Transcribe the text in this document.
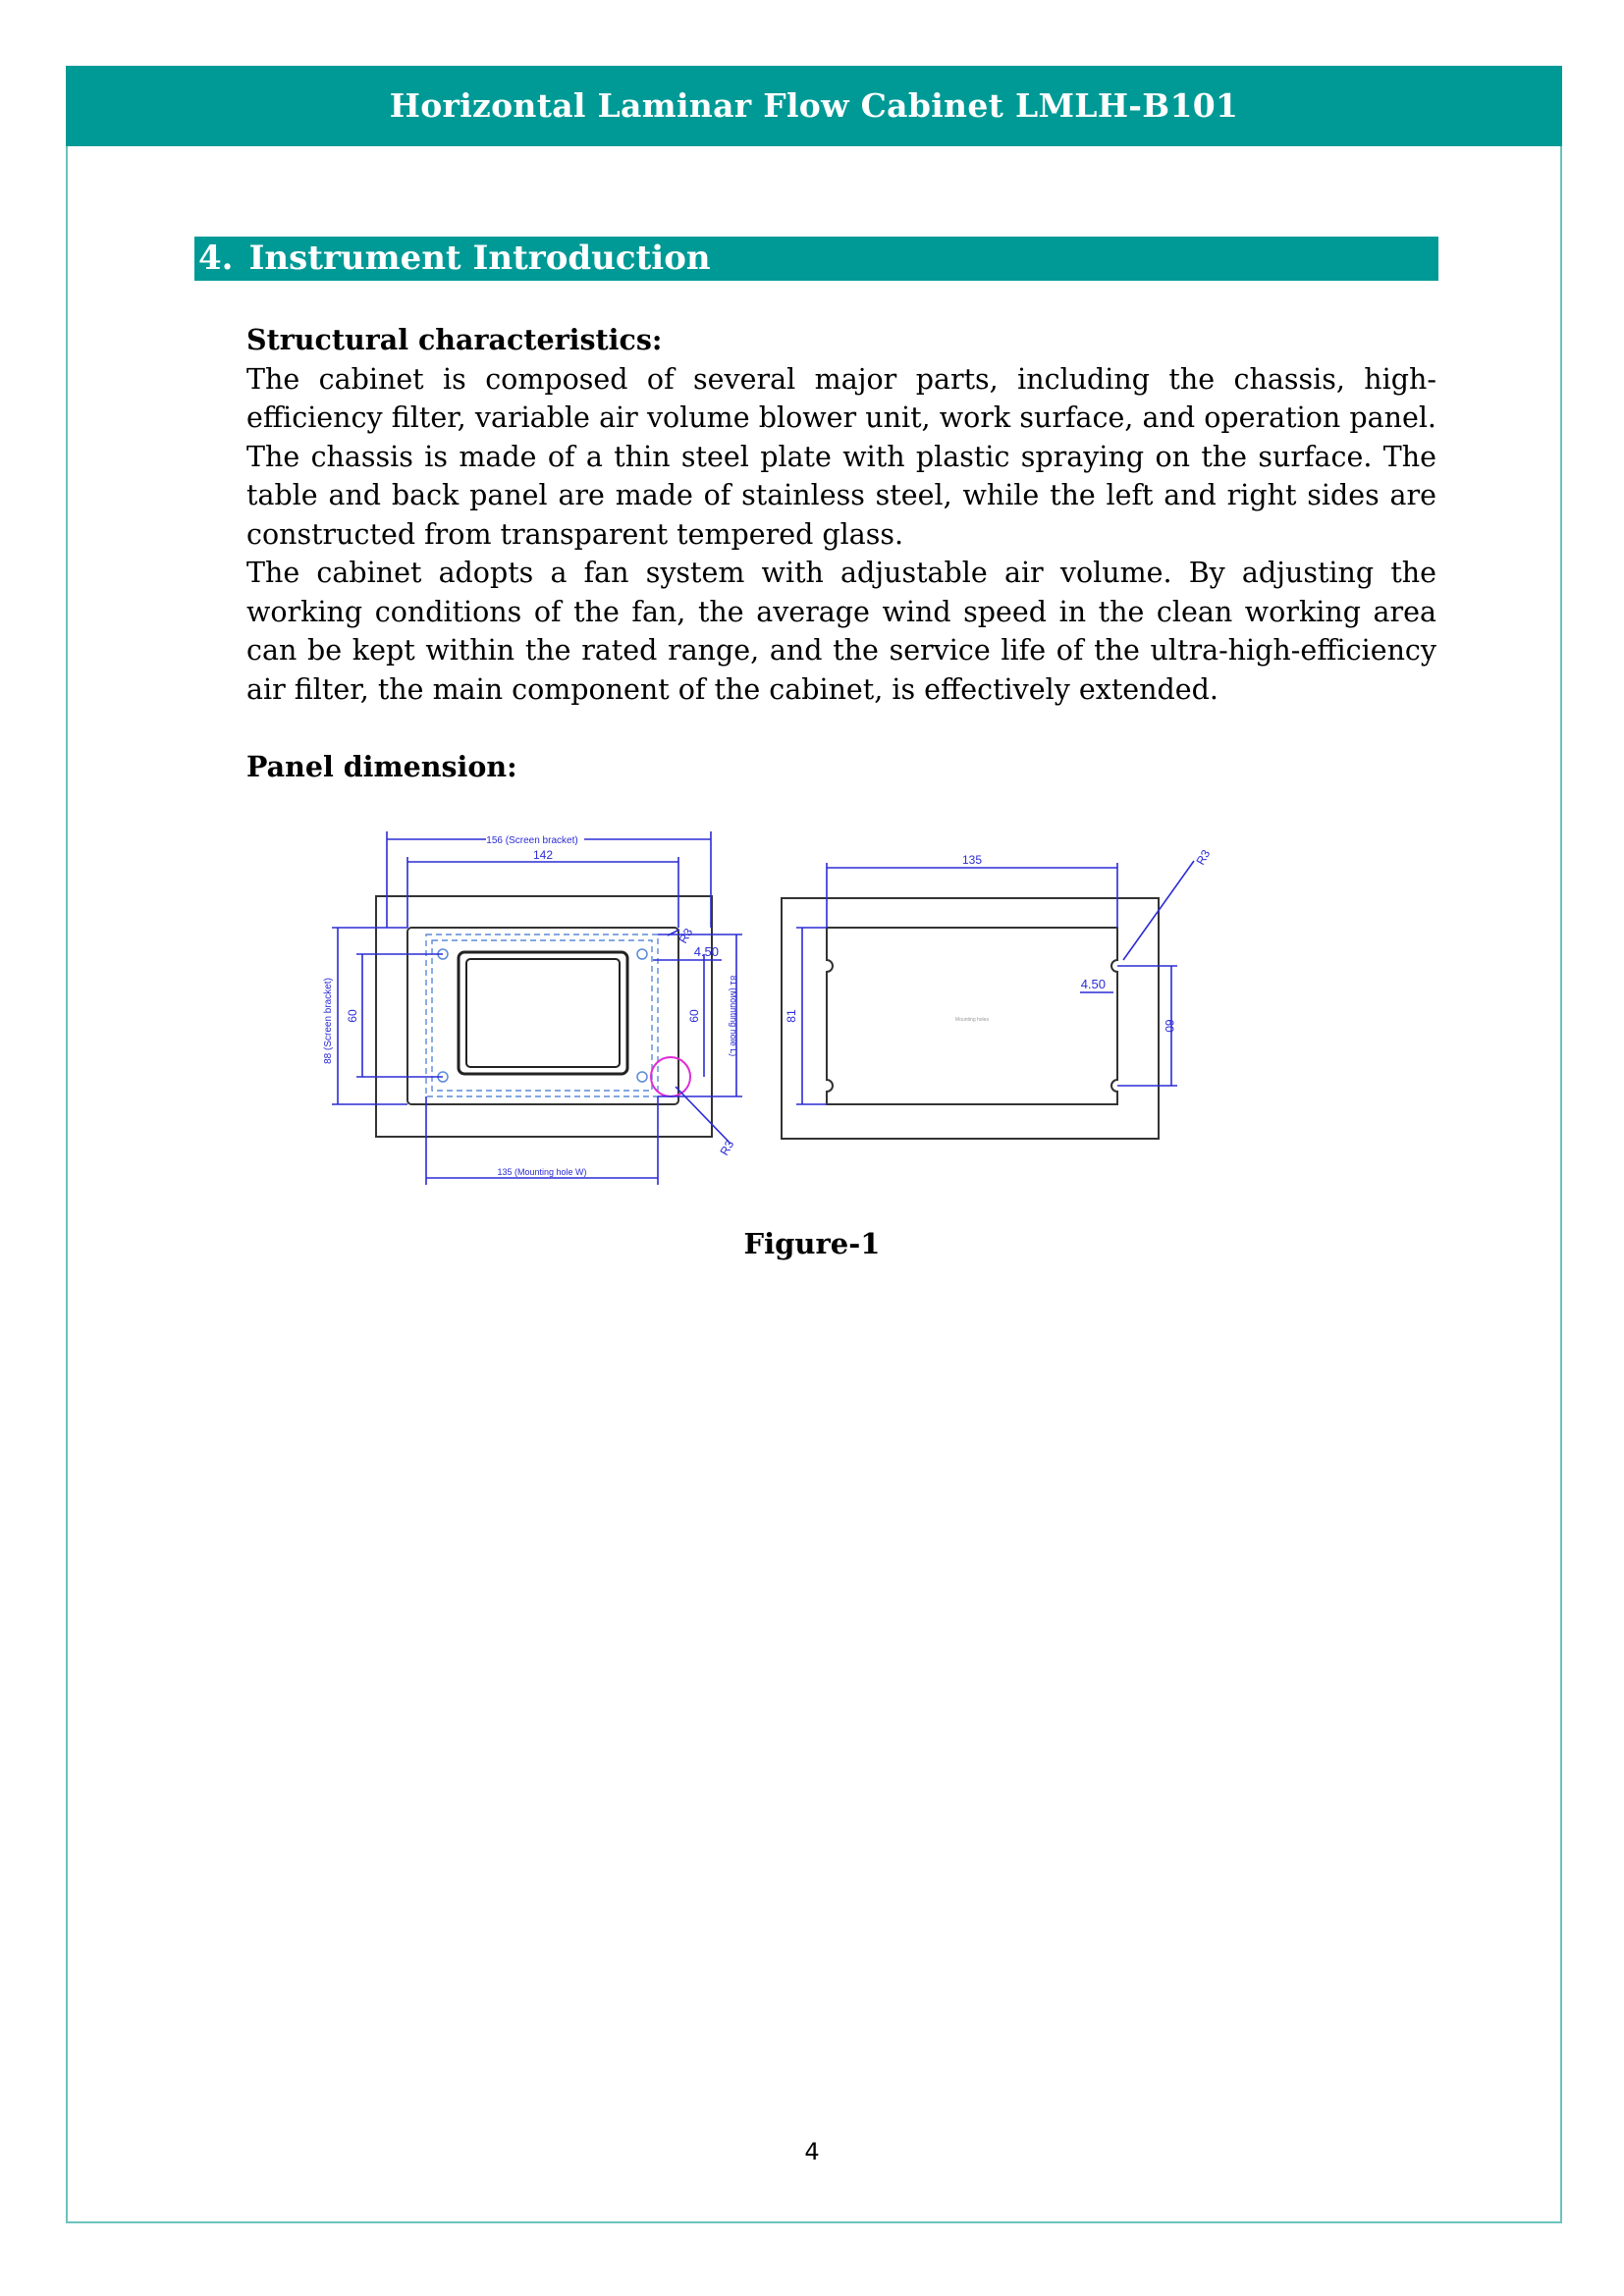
Horizontal Laminar Flow Cabinet LMLH-B101
4. Instrument Introduction
Structural characteristics:

The cabinet is composed of several major parts, including the chassis, high-efficiency filter, variable air volume blower unit, work surface, and operation panel. The chassis is made of a thin steel plate with plastic spraying on the surface. The table and back panel are made of stainless steel, while the left and right sides are constructed from transparent tempered glass.

The cabinet adopts a fan system with adjustable air volume. By adjusting the working conditions of the fan, the average wind speed in the clean working area can be kept within the rated range, and the service life of the ultra-high-efficiency air filter, the main component of the cabinet, is effectively extended.

Panel dimension:
156 (Screen bracket)
142
88 (Screen bracket) 60	81 (Mounting hole L)
60
4.50
R3
135 (Mounting hole W)
R3
Mounting holes
135	R3
4.50
81
60
Figure-1
4
